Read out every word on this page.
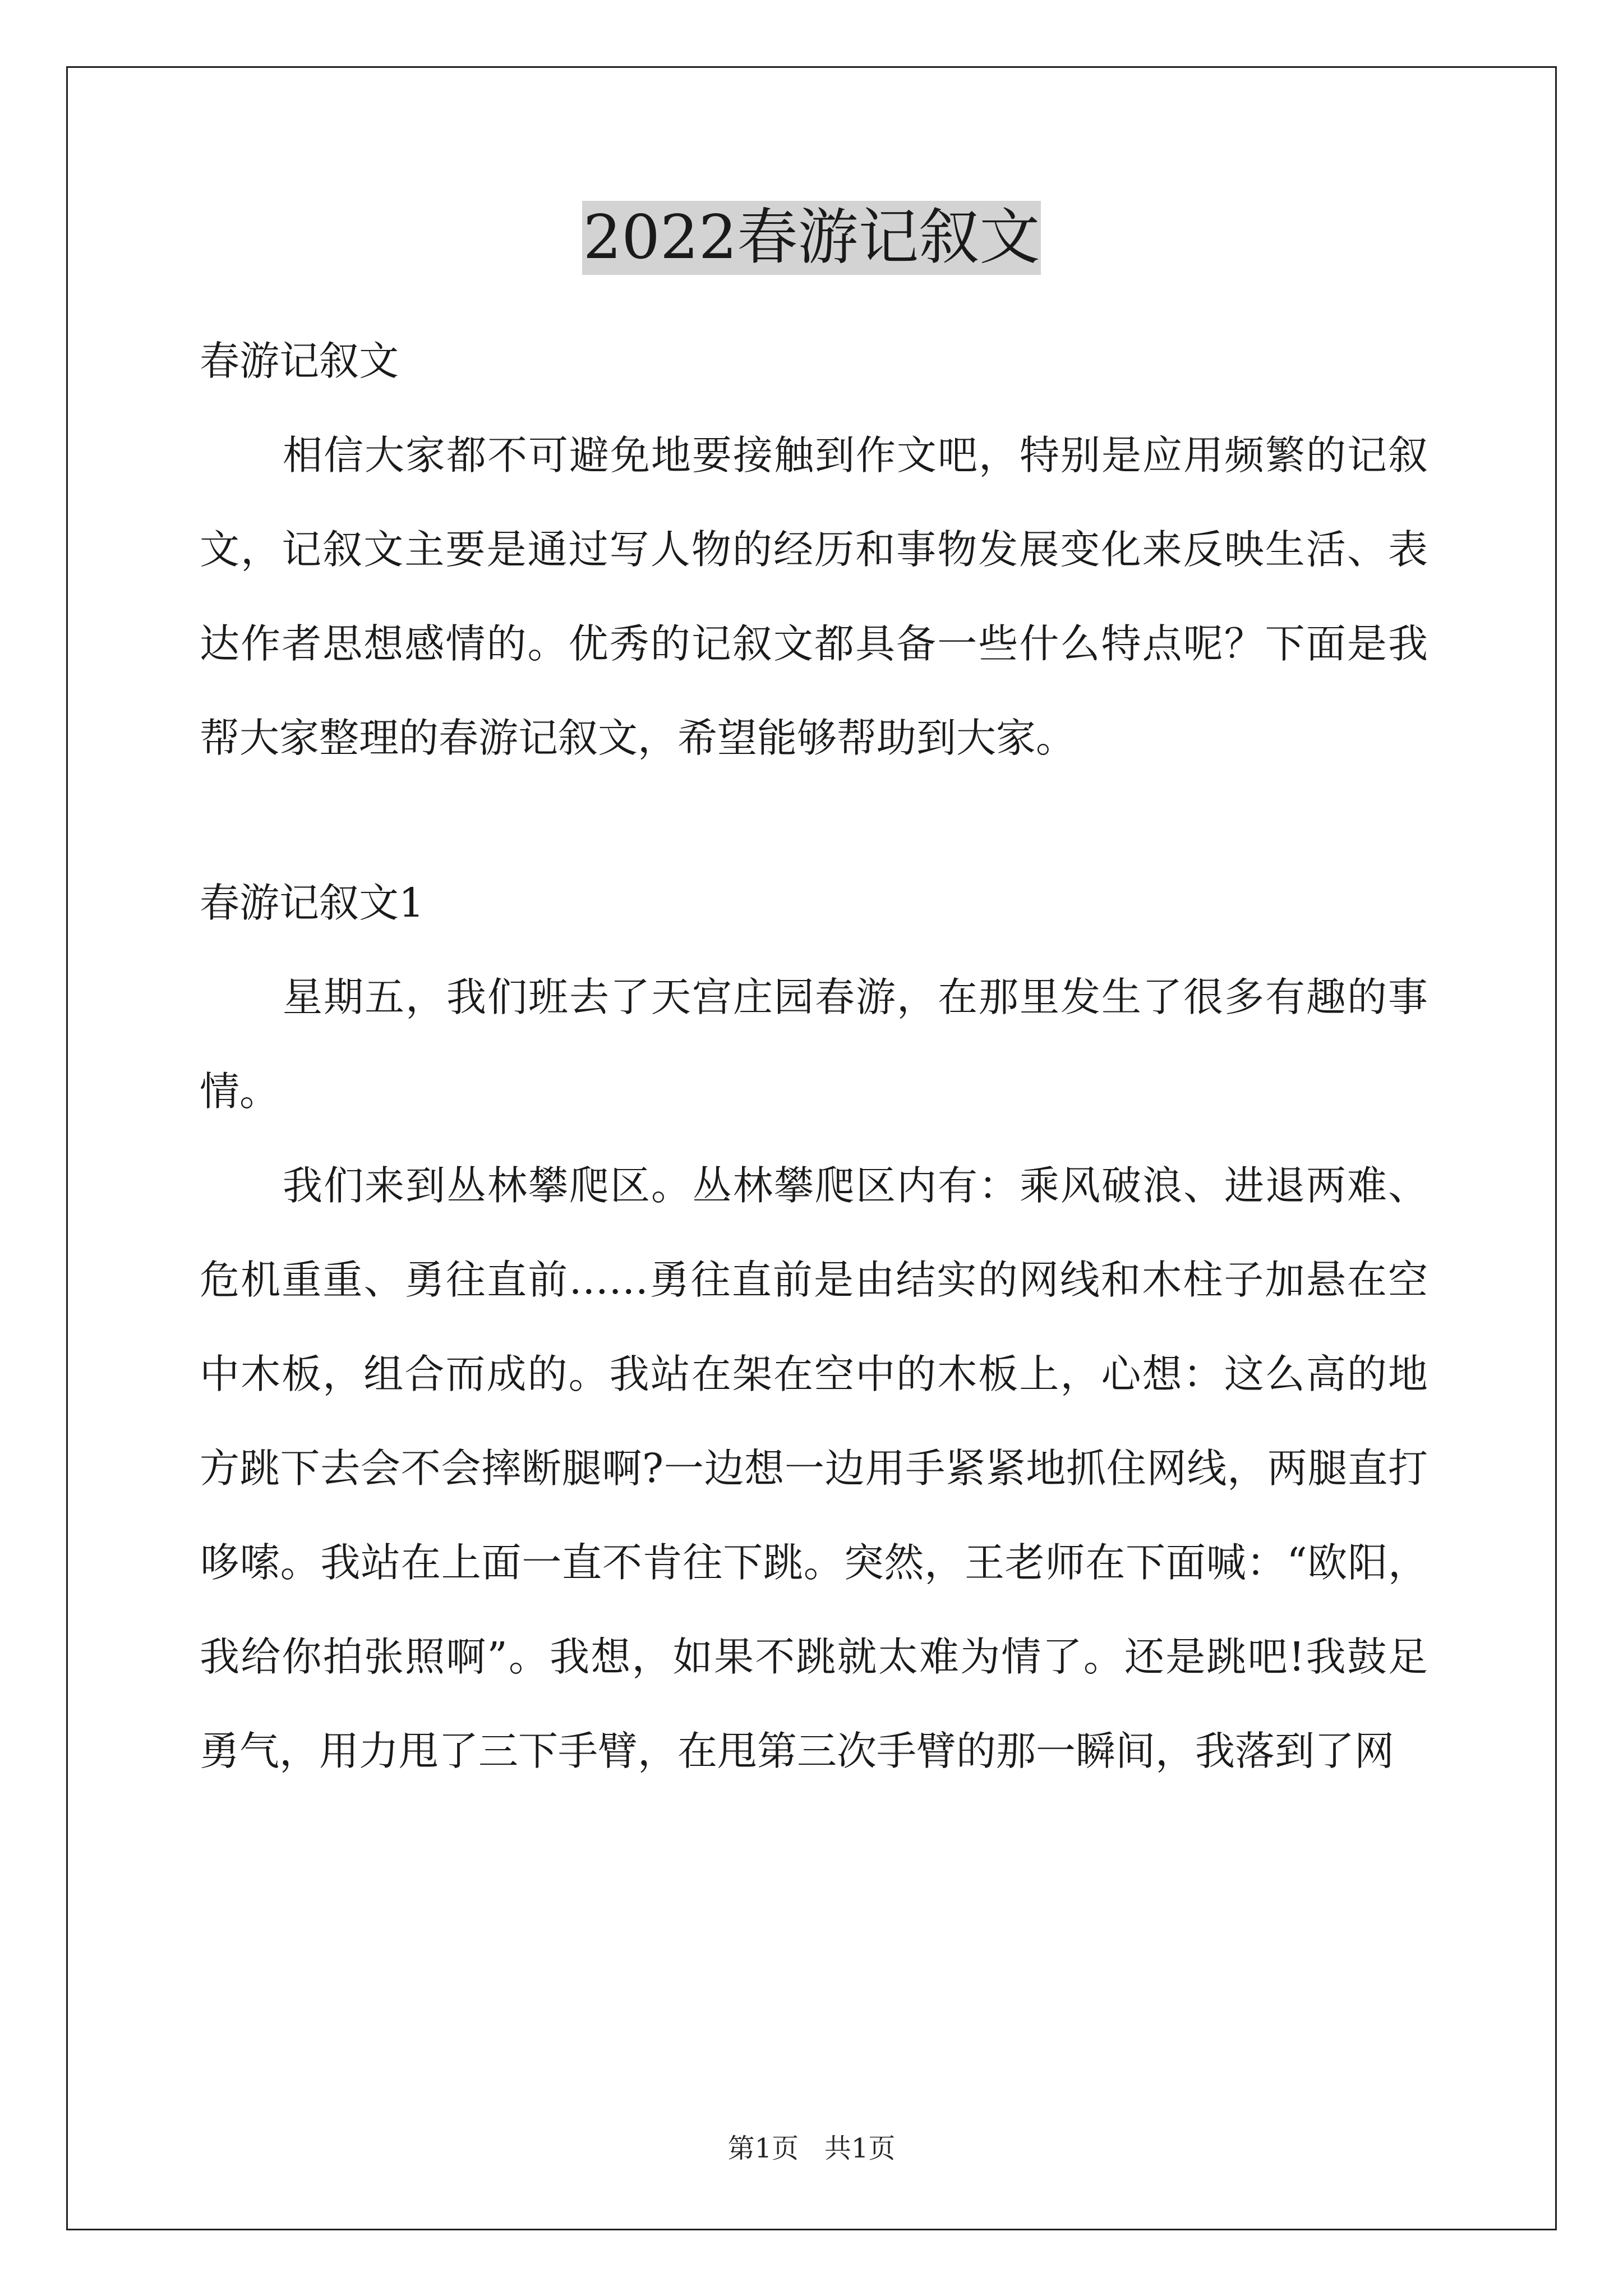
2022春游记叙文

春游记叙文

相信大家都不可避免地要接触到作文吧，特别是应用频繁的记叙文，记叙文主要是通过写人物的经历和事物发展变化来反映生活、表达作者思想感情的。优秀的记叙文都具备一些什么特点呢？下面是我帮大家整理的春游记叙文，希望能够帮助到大家。

春游记叙文1

星期五，我们班去了天宫庄园春游，在那里发生了很多有趣的事情。

我们来到丛林攀爬区。丛林攀爬区内有：乘风破浪、进退两难、危机重重、勇往直前……勇往直前是由结实的网线和木柱子加悬在空中木板，组合而成的。我站在架在空中的木板上，心想：这么高的地方跳下去会不会摔断腿啊?一边想一边用手紧紧地抓住网线，两腿直打哆嗦。我站在上面一直不肯往下跳。突然，王老师在下面喊：“欧阳，我给你拍张照啊”。我想，如果不跳就太难为情了。还是跳吧!我鼓足勇气，用力甩了三下手臂，在甩第三次手臂的那一瞬间，我落到了网

第1页 共1页
